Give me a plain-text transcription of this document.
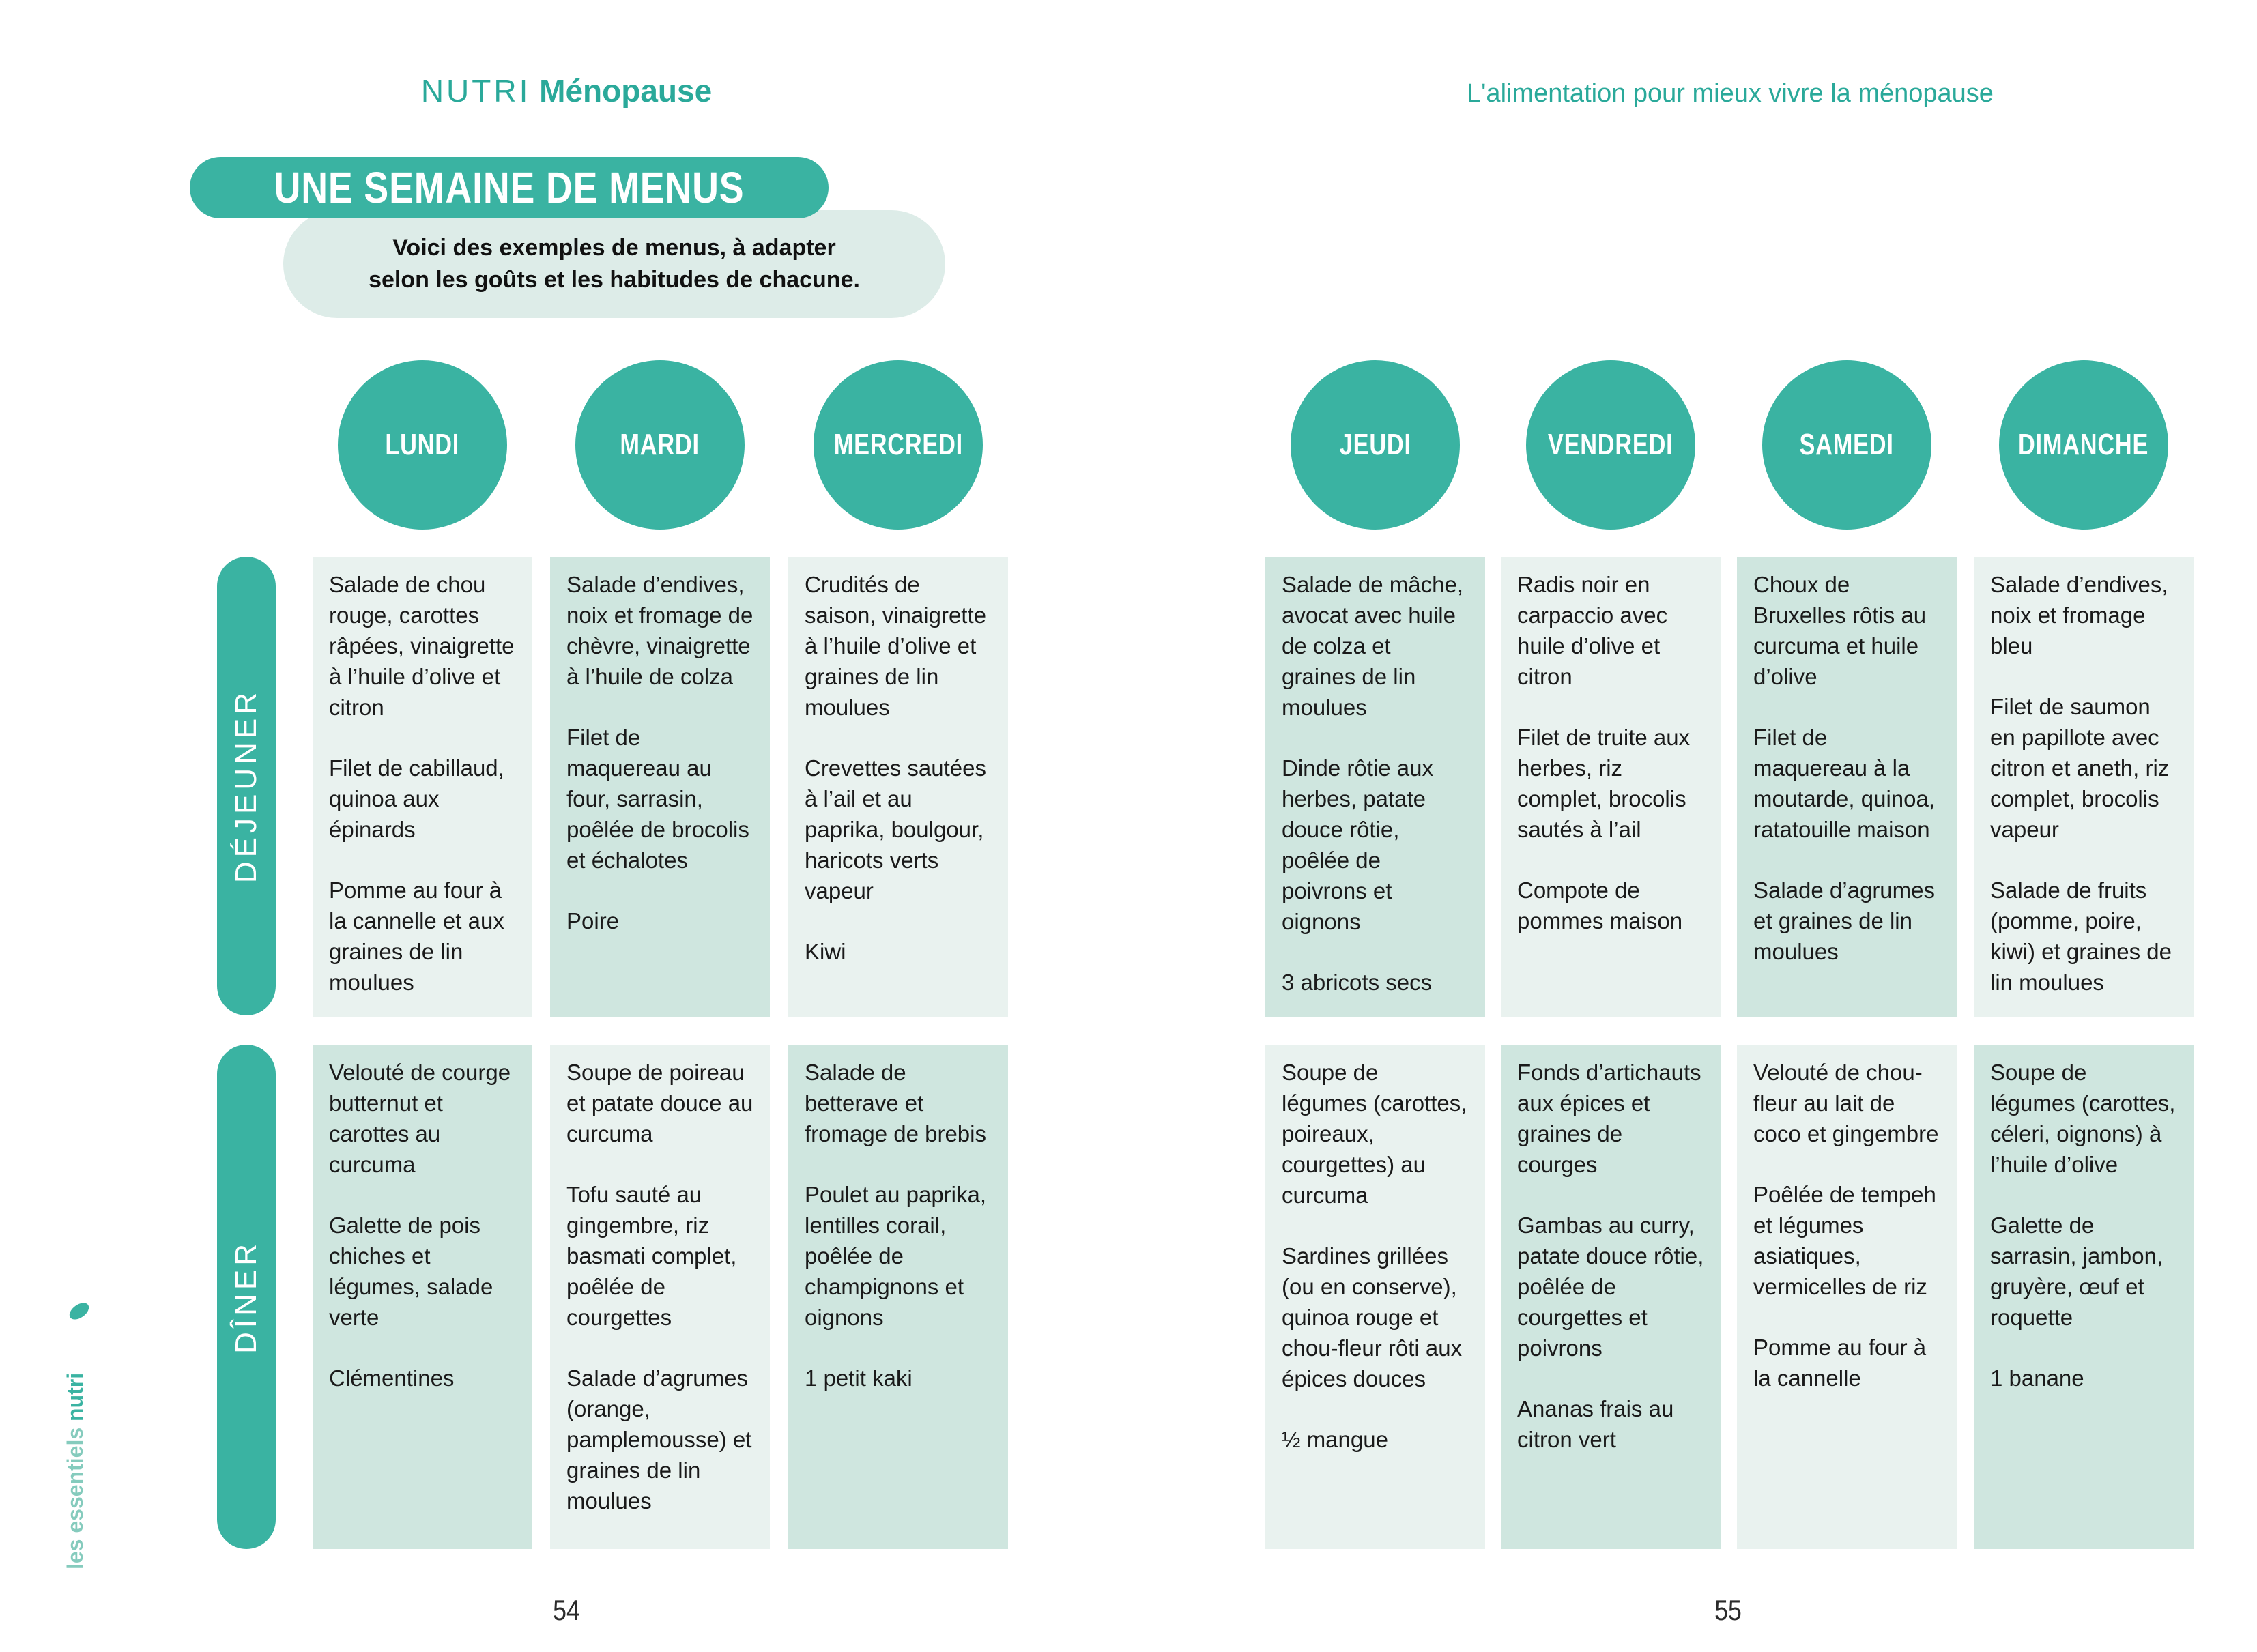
NUTRI Ménopause	L'alimentation pour mieux vivre la ménopause
Voici des exemples de menus, à adapter
selon les goûts et les habitudes de chacune.
UNE SEMAINE DE MENUS
DÉJEUNER
DÎNER
les essentiels nutri
54	55
LUNDI

Salade de chou rouge, carottes râpées, vinaigrette à l’huile d’olive et citron

Filet de cabillaud, quinoa aux épinards

Pomme au four à la cannelle et aux graines de lin moulues

Velouté de courge butternut et carottes au curcuma

Galette de pois chiches et légumes, salade verte

Clémentines

MARDI

Salade d’endives, noix et fromage de chèvre, vinaigrette à l’huile de colza

Filet de maquereau au four, sarrasin, poêlée de brocolis et échalotes

Poire

Soupe de poireau et patate douce au curcuma

Tofu sauté au gingembre, riz basmati complet, poêlée de courgettes

Salade d’agrumes (orange, pamplemousse) et graines de lin moulues

MERCREDI

Crudités de saison, vinaigrette à l’huile d’olive et graines de lin moulues

Crevettes sautées à l’ail et au paprika, boulgour, haricots verts vapeur

Kiwi

Salade de betterave et fromage de brebis

Poulet au paprika, lentilles corail, poêlée de champignons et oignons

1 petit kaki

JEUDI

Salade de mâche, avocat avec huile de colza et graines de lin moulues

Dinde rôtie aux herbes, patate douce rôtie, poêlée de poivrons et oignons

3 abricots secs

Soupe de légumes (carottes, poireaux, courgettes) au curcuma

Sardines grillées (ou en conserve), quinoa rouge et chou-fleur rôti aux épices douces

½ mangue

VENDREDI

Radis noir en carpaccio avec huile d’olive et citron

Filet de truite aux herbes, riz complet, brocolis sautés à l’ail

Compote de pommes maison

Fonds d’artichauts aux épices et graines de courges

Gambas au curry, patate douce rôtie, poêlée de courgettes et poivrons

Ananas frais au citron vert

SAMEDI

Choux de Bruxelles rôtis au curcuma et huile d’olive

Filet de maquereau à la moutarde, quinoa, ratatouille maison

Salade d’agrumes et graines de lin moulues

Velouté de chou-fleur au lait de coco et gingembre

Poêlée de tempeh et légumes asiatiques, vermicelles de riz

Pomme au four à la cannelle

DIMANCHE

Salade d’endives, noix et fromage bleu

Filet de saumon en papillote avec citron et aneth, riz complet, brocolis vapeur

Salade de fruits (pomme, poire, kiwi) et graines de lin moulues

Soupe de légumes (carottes, céleri, oignons) à l’huile d’olive

Galette de sarrasin, jambon, gruyère, œuf et roquette

1 banane
